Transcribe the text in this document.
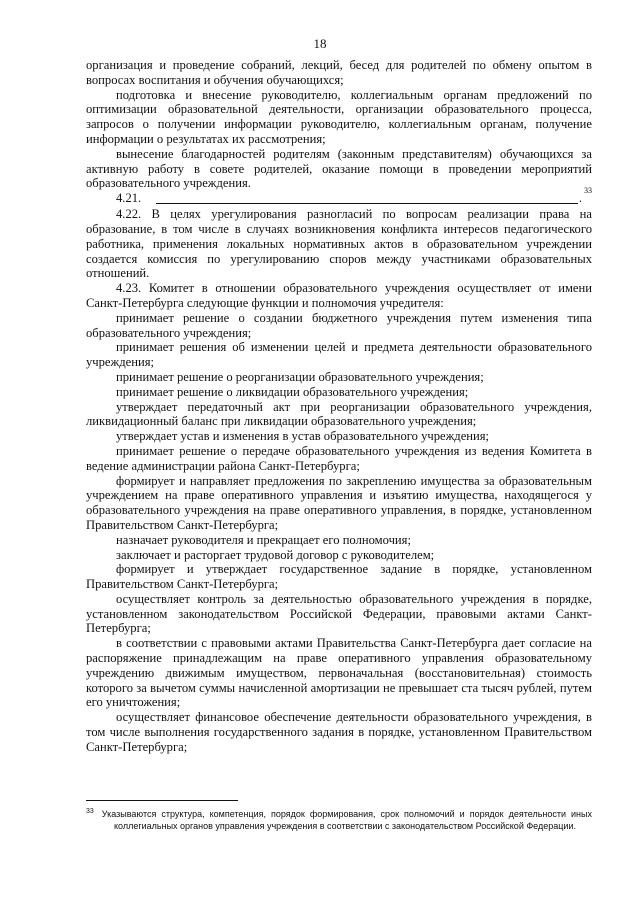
18

организация и проведение собраний, лекций, бесед для родителей по обмену опытом в вопросах воспитания и обучения обучающихся;

подготовка и внесение руководителю, коллегиальным органам предложений по оптимизации образовательной деятельности, организации образовательного процесса, запросов о получении информации руководителю, коллегиальным органам, получение информации о результатах их рассмотрения;

вынесение благодарностей родителям (законным представителям) обучающихся за активную работу в совете родителей, оказание помощи в проведении мероприятий образовательного учреждения.

4.21.	.
33

4.22. В целях урегулирования разногласий по вопросам реализации права на образование, в том числе в случаях возникновения конфликта интересов педагогического работника, применения локальных нормативных актов в образовательном учреждении создается комиссия по урегулированию споров между участниками образовательных отношений.

4.23. Комитет в отношении образовательного учреждения осуществляет от имени Санкт-Петербурга следующие функции и полномочия учредителя:

принимает решение о создании бюджетного учреждения путем изменения типа образовательного учреждения;

принимает решения об изменении целей и предмета деятельности образовательного учреждения;

принимает решение о реорганизации образовательного учреждения;

принимает решение о ликвидации образовательного учреждения;

утверждает передаточный акт при реорганизации образовательного учреждения, ликвидационный баланс при ликвидации образовательного учреждения;

утверждает устав и изменения в устав образовательного учреждения;

принимает решение о передаче образовательного учреждения из ведения Комитета в ведение администрации района Санкт-Петербурга;

формирует и направляет предложения по закреплению имущества за образовательным учреждением на праве оперативного управления и изъятию имущества, находящегося у образовательного учреждения на праве оперативного управления, в порядке, установленном Правительством Санкт-Петербурга;

назначает руководителя и прекращает его полномочия;

заключает и расторгает трудовой договор с руководителем;

формирует и утверждает государственное задание в порядке, установленном Правительством Санкт-Петербурга;

осуществляет контроль за деятельностью образовательного учреждения в порядке, установленном законодательством Российской Федерации, правовыми актами Санкт-Петербурга;

в соответствии с правовыми актами Правительства Санкт-Петербурга дает согласие на распоряжение принадлежащим на праве оперативного управления образовательному учреждению движимым имуществом, первоначальная (восстановительная) стоимость которого за вычетом суммы начисленной амортизации не превышает ста тысяч рублей, путем его уничтожения;

осуществляет финансовое обеспечение деятельности образовательного учреждения, в том числе выполнения государственного задания в порядке, установленном Правительством Санкт-Петербурга;

$^{33}$ Указываются структура, компетенция, порядок формирования, срок полномочий и порядок деятельности иных коллегиальных органов управления учреждения в соответствии с законодательством Российской Федерации.
